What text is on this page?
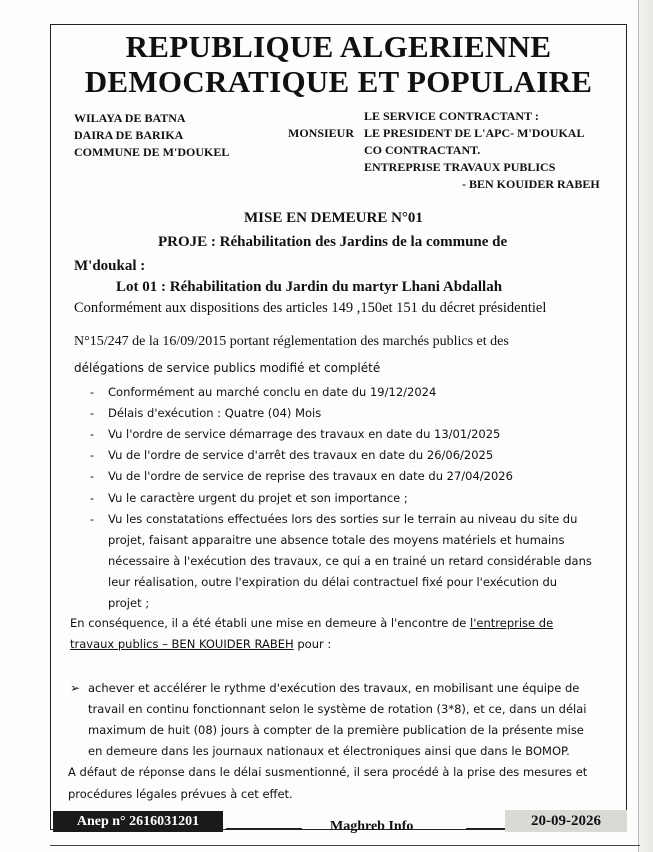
REPUBLIQUE ALGERIENNE
DEMOCRATIQUE ET POPULAIRE
WILAYA DE BATNA
DAIRA DE BARIKA
COMMUNE DE M'DOUKEL
LE SERVICE CONTRACTANT :
MONSIEUR LE PRESIDENT DE L'APC- M'DOUKAL
CO CONTRACTANT.
ENTREPRISE TRAVAUX PUBLICS
- BEN KOUIDER RABEH
MISE EN DEMEURE N°01
PROJE : Réhabilitation des Jardins de la commune de
M'doukal :
Lot 01 : Réhabilitation du Jardin du martyr Lhani Abdallah
Conformément aux dispositions des articles 149 ,150et 151 du décret présidentiel
N°15/247 de la 16/09/2015 portant réglementation des marchés publics et des
délégations de service publics modifié et complété
- Conformément au marché conclu en date du 19/12/2024
- Délais d'exécution : Quatre (04) Mois
- Vu l'ordre de service démarrage des travaux en date du 13/01/2025
- Vu de l'ordre de service d'arrêt des travaux en date du 26/06/2025
- Vu de l'ordre de service de reprise des travaux en date du 27/04/2026
- Vu le caractère urgent du projet et son importance ;
- Vu les constatations effectuées lors des sorties sur le terrain au niveau du site du
projet, faisant apparaitre une absence totale des moyens matériels et humains
nécessaire à l'exécution des travaux, ce qui a en trainé un retard considérable dans
leur réalisation, outre l'expiration du délai contractuel fixé pour l'exécution du
projet ;
En conséquence, il a été établi une mise en demeure à l'encontre de l'entreprise de
travaux publics – BEN KOUIDER RABEH pour :
➢ achever et accélérer le rythme d'exécution des travaux, en mobilisant une équipe de
travail en continu fonctionnant selon le système de rotation (3*8), et ce, dans un délai
maximum de huit (08) jours à compter de la première publication de la présente mise
en demeure dans les journaux nationaux et électroniques ainsi que dans le BOMOP.
A défaut de réponse dans le délai susmentionné, il sera procédé à la prise des mesures et
procédures légales prévues à cet effet.
Anep n° 2616031201	Maghreb Info	20-09-2026
